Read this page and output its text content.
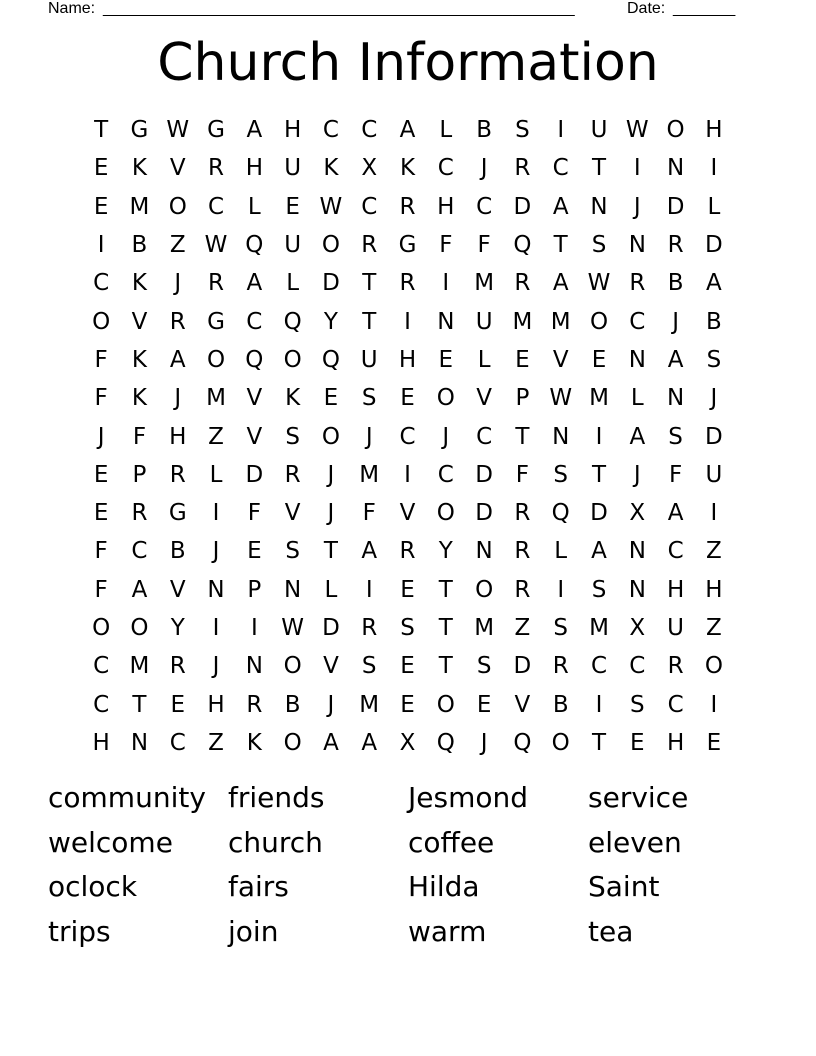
Name: _____________________________________________________	Date: _______
Church Information
T G W G A H C C A	L	B	S	I	U W O H
E	K V R H U K X K C	J	R C	T	I	N	I
E M O C	L	E W C R H C D A N	J	D	L
I	B Z W Q U O R G F	F Q T	S N R D
C K	J	R A	L	D T	R	I	M R A W R B A
O V R G C Q Y	T	I	N U M M O C	J	B
F	K A O Q O Q U H E	L	E	V	E N A	S
F	K	J	M V K	E	S	E O V	P W M L	N	J
J	F	H Z V	S O	J	C	J	C	T N	I	A	S D
E	P	R	L	D R	J	M	I	C D F	S	T	J	F	U
E	R G	I	F	V	J	F	V O D R Q D X A	I
F	C B	J	E	S	T	A R	Y N R	L	A N C Z
F	A V N P N	L	I	E	T O R	I	S N H H
O O Y	I	I	W D R	S	T M Z	S M X U Z
C M R	J	N O V	S	E	T	S D R C C R O
C	T	E H R B	J	M E O E	V B	I	S C	I
H N C Z K O A A X Q	J	Q O T	E H E
community friends	Jesmond	service
welcome	church	coffee	eleven
oclock	fairs	Hilda	Saint
trips	join	warm	tea
